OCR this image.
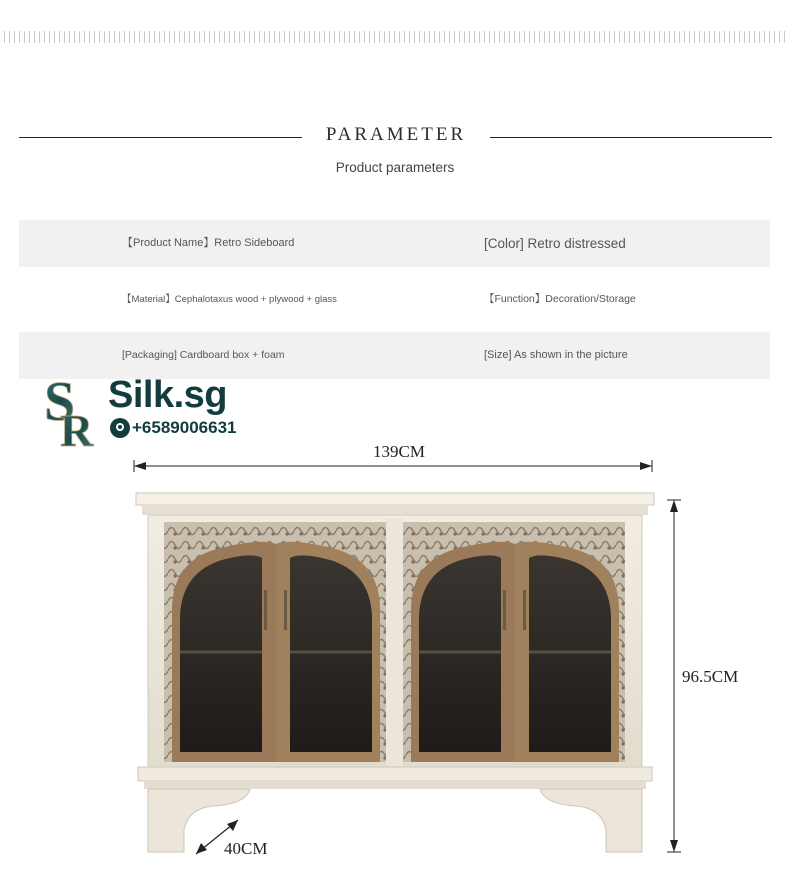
PARAMETER
Product parameters
【Product Name】Retro Sideboard	[Color] Retro distressed
【Material】Cephalotaxus wood + plywood + glass	【Function】Decoration/Storage
[Packaging] Cardboard box + foam	[Size] As shown in the picture
S
R
Silk.sg
+6589006631
139CM
96.5CM
40CM
